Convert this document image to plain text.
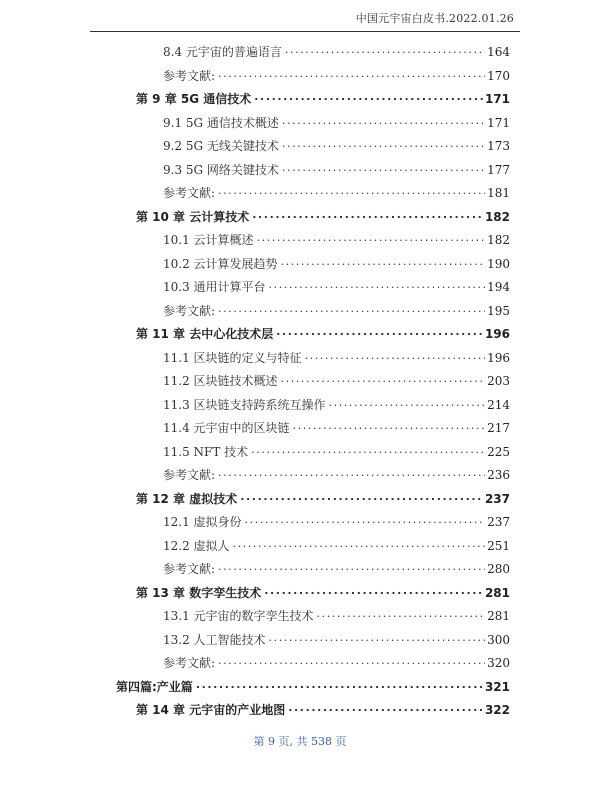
中国元宇宙白皮书.2022.01.26
8.4 元宇宙的普遍语言 .....	164
参考文献: .....	170
第 9 章 5G 通信技术 .....	171
9.1 5G 通信技术概述 .....	171
9.2 5G 无线关键技术 .....	173
9.3 5G 网络关键技术 .....	177
参考文献: .....	181
第 10 章 云计算技术 .....	182
10.1 云计算概述 .....	182
10.2 云计算发展趋势 .....	190
10.3 通用计算平台 .....	194
参考文献: .....	195
第 11 章 去中心化技术层 .....	196
11.1 区块链的定义与特征 .....	196
11.2 区块链技术概述 .....	203
11.3 区块链支持跨系统互操作 .....	214
11.4 元宇宙中的区块链 .....	217
11.5 NFT 技术 .....	225
参考文献: .....	236
第 12 章 虚拟技术 .....	237
12.1 虚拟身份 .....	237
12.2 虚拟人 .....	251
参考文献: .....	280
第 13 章 数字孪生技术 .....	281
13.1 元宇宙的数字孪生技术 .....	281
13.2 人工智能技术 .....	300
参考文献: .....	320
第四篇:产业篇 .....	321
第 14 章 元宇宙的产业地图 .....	322
第 9 页, 共 538 页
